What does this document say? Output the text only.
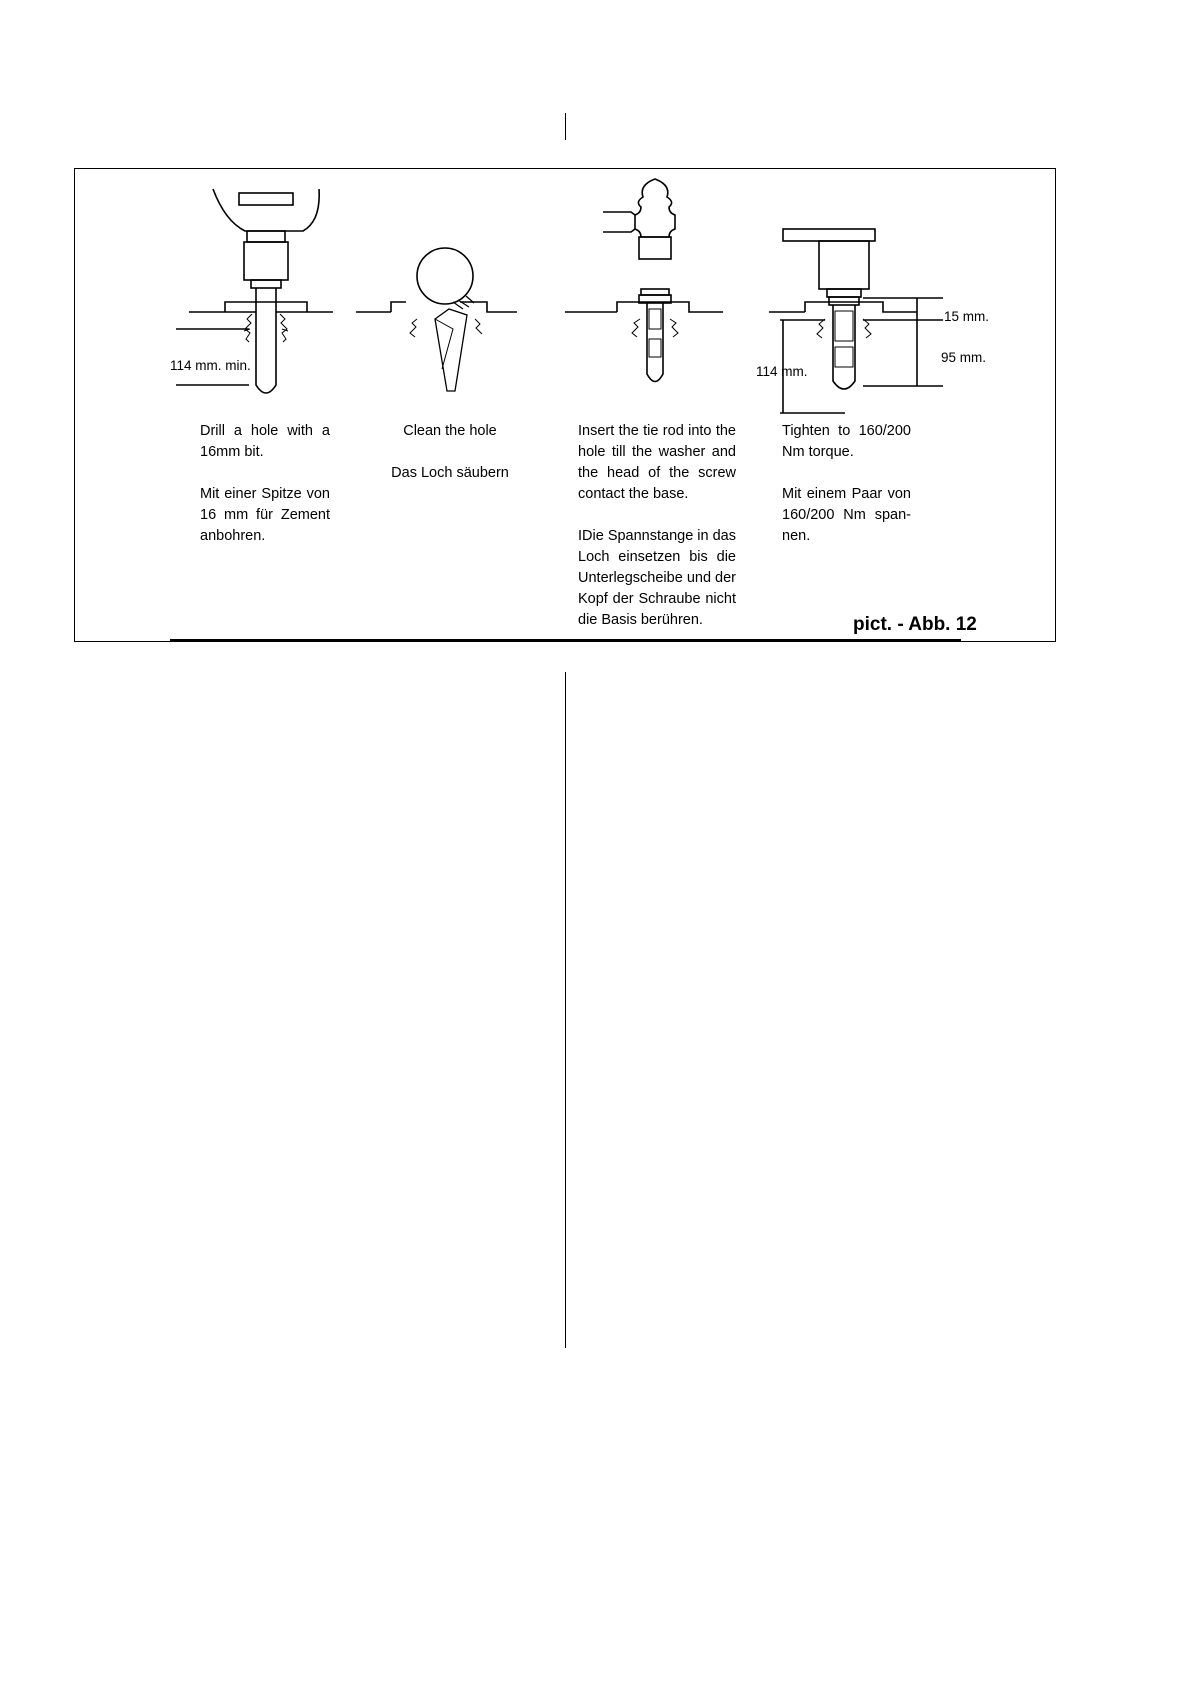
114 mm. min.
15 mm.
95 mm.
114 mm.
Drill a hole with a 16mm bit.
Mit einer Spitze von 16 mm für Zement anbohren.
Clean the hole
Das Loch säubern
Insert the tie rod into the hole till the washer and the head of the screw contact the base.
IDie Spannstange in das Loch einsetzen bis die Unterlegscheibe und der Kopf der Schraube nicht die Basis berühren.
Tighten to 160/200 Nm torque.
Mit einem Paar von 160/200 Nm span-nen.
pict. - Abb. 12
